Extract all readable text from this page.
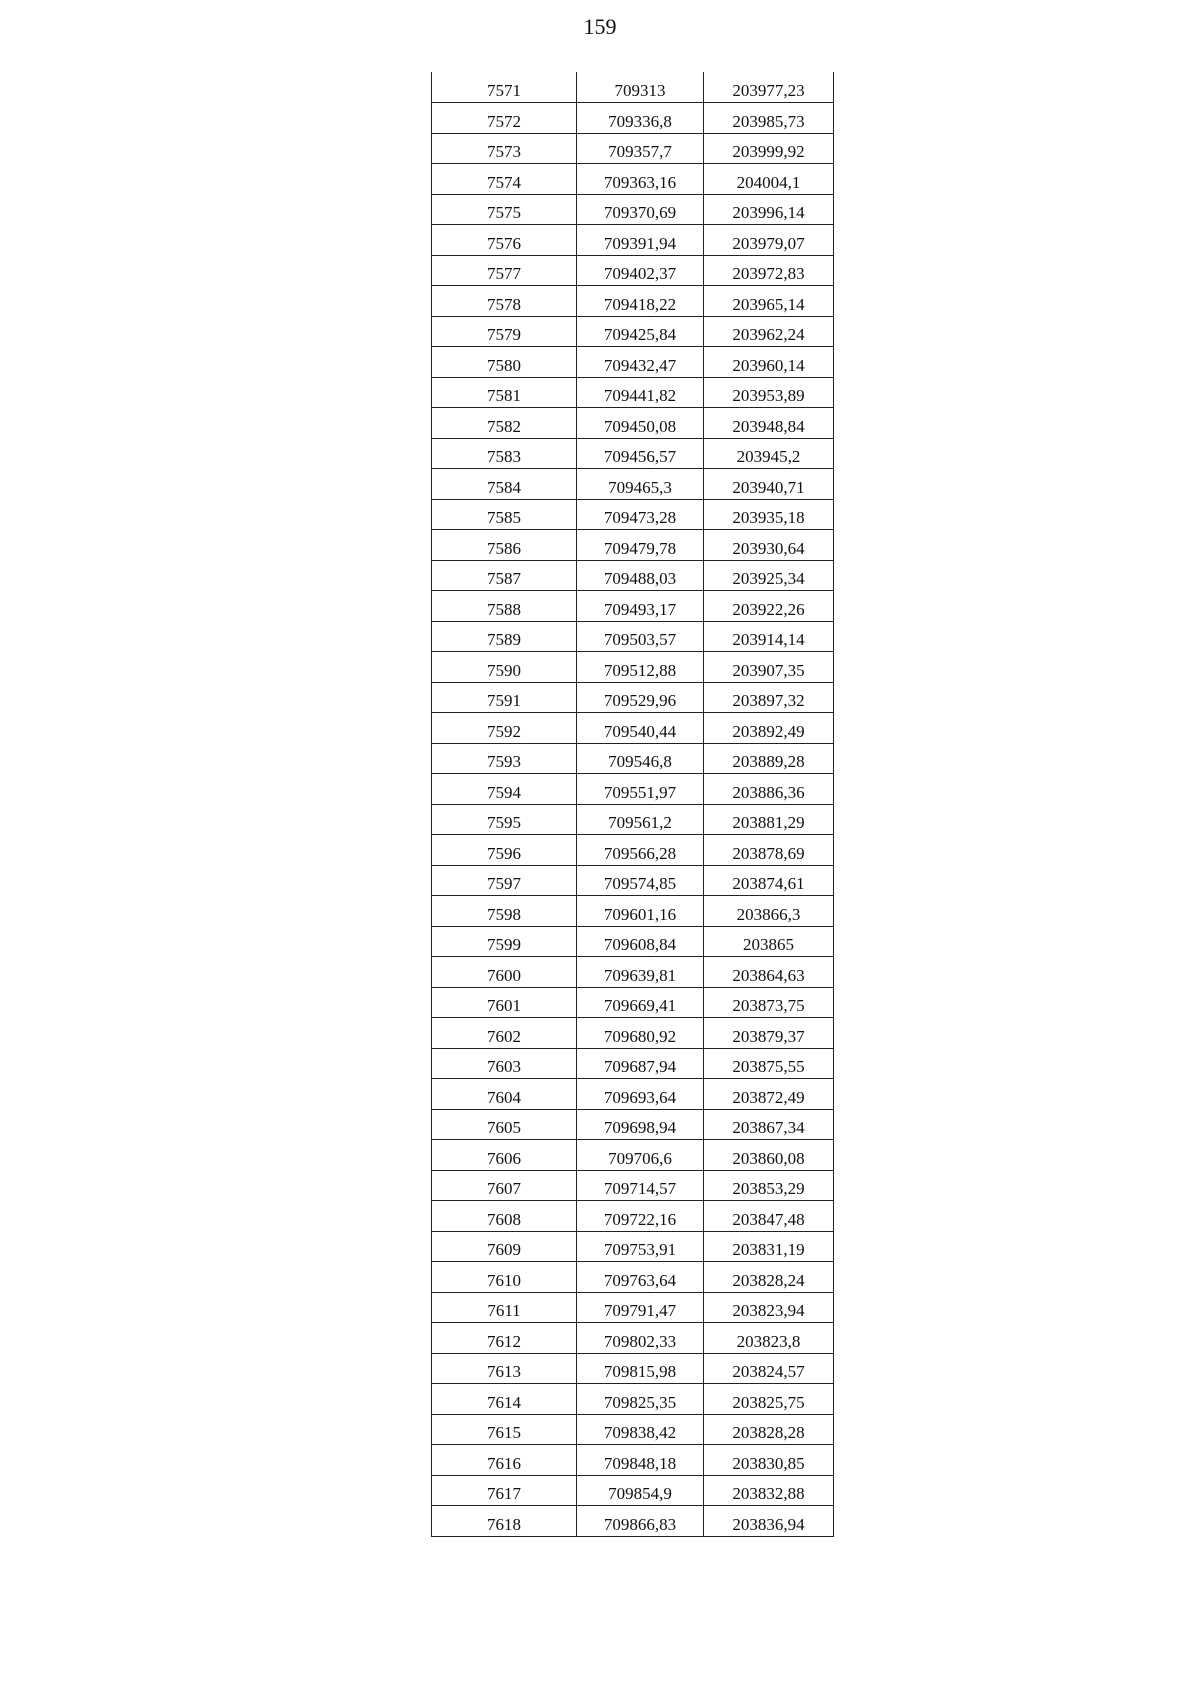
159
7571	709313	203977,23
7572	709336,8	203985,73
7573	709357,7	203999,92
7574	709363,16	204004,1
7575	709370,69	203996,14
7576	709391,94	203979,07
7577	709402,37	203972,83
7578	709418,22	203965,14
7579	709425,84	203962,24
7580	709432,47	203960,14
7581	709441,82	203953,89
7582	709450,08	203948,84
7583	709456,57	203945,2
7584	709465,3	203940,71
7585	709473,28	203935,18
7586	709479,78	203930,64
7587	709488,03	203925,34
7588	709493,17	203922,26
7589	709503,57	203914,14
7590	709512,88	203907,35
7591	709529,96	203897,32
7592	709540,44	203892,49
7593	709546,8	203889,28
7594	709551,97	203886,36
7595	709561,2	203881,29
7596	709566,28	203878,69
7597	709574,85	203874,61
7598	709601,16	203866,3
7599	709608,84	203865
7600	709639,81	203864,63
7601	709669,41	203873,75
7602	709680,92	203879,37
7603	709687,94	203875,55
7604	709693,64	203872,49
7605	709698,94	203867,34
7606	709706,6	203860,08
7607	709714,57	203853,29
7608	709722,16	203847,48
7609	709753,91	203831,19
7610	709763,64	203828,24
7611	709791,47	203823,94
7612	709802,33	203823,8
7613	709815,98	203824,57
7614	709825,35	203825,75
7615	709838,42	203828,28
7616	709848,18	203830,85
7617	709854,9	203832,88
7618	709866,83	203836,94
